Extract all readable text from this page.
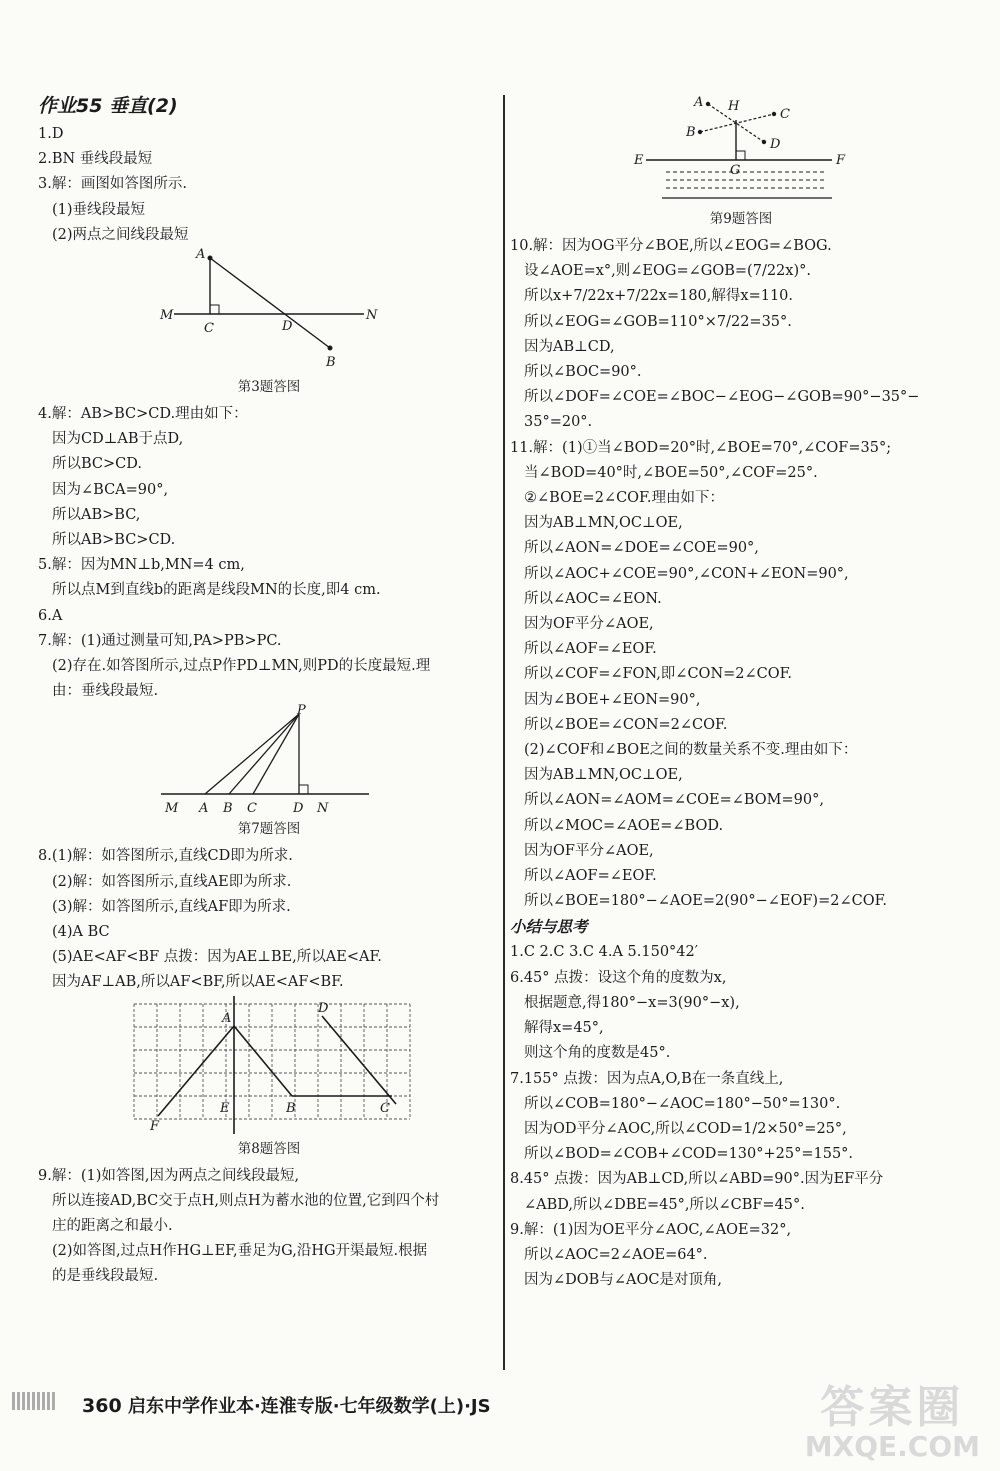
作业55 垂直(2)
1.D
2.BN 垂线段最短
3.解：画图如答图所示.
(1)垂线段最短
(2)两点之间线段最短
A
M
C	D
N
B
第3题答图
4.解：AB>BC>CD.理由如下：
因为CD⊥AB于点D,
所以BC>CD.
因为∠BCA=90°,
所以AB>BC,
所以AB>BC>CD.
5.解：因为MN⊥b,MN=4 cm,
所以点M到直线b的距离是线段MN的长度,即4 cm.
6.A
7.解：(1)通过测量可知,PA>PB>PC.
(2)存在.如答图所示,过点P作PD⊥MN,则PD的长度最短.理
由：垂线段最短.
P
M A B C	D N
第7题答图
8.(1)解：如答图所示,直线CD即为所求.
(2)解：如答图所示,直线AE即为所求.
(3)解：如答图所示,直线AF即为所求.
(4)A BC
(5)AE<AF<BF 点拨：因为AE⊥BE,所以AE<AF.
因为AF⊥AB,所以AF<BF,所以AE<AF<BF.
A
D
F
E	B	C
第8题答图
9.解：(1)如答图,因为两点之间线段最短,
所以连接AD,BC交于点H,则点H为蓄水池的位置,它到四个村
庄的距离之和最小.
(2)如答图,过点H作HG⊥EF,垂足为G,沿HG开渠最短.根据
的是垂线段最短.
A H
C
B
D
E
G
F
第9题答图
10.解：因为OG平分∠BOE,所以∠EOG=∠BOG.
设∠AOE=x°,则∠EOG=∠GOB=(7/22x)°.
所以x+7/22x+7/22x=180,解得x=110.
所以∠EOG=∠GOB=110°×7/22=35°.
因为AB⊥CD,
所以∠BOC=90°.
所以∠DOF=∠COE=∠BOC−∠EOG−∠GOB=90°−35°−
35°=20°.
11.解：(1)①当∠BOD=20°时,∠BOE=70°,∠COF=35°;
当∠BOD=40°时,∠BOE=50°,∠COF=25°.
②∠BOE=2∠COF.理由如下：
因为AB⊥MN,OC⊥OE,
所以∠AON=∠DOE=∠COE=90°,
所以∠AOC+∠COE=90°,∠CON+∠EON=90°,
所以∠AOC=∠EON.
因为OF平分∠AOE,
所以∠AOF=∠EOF.
所以∠COF=∠FON,即∠CON=2∠COF.
因为∠BOE+∠EON=90°,
所以∠BOE=∠CON=2∠COF.
(2)∠COF和∠BOE之间的数量关系不变.理由如下：
因为AB⊥MN,OC⊥OE,
所以∠AON=∠AOM=∠COE=∠BOM=90°,
所以∠MOC=∠AOE=∠BOD.
因为OF平分∠AOE,
所以∠AOF=∠EOF.
所以∠BOE=180°−∠AOE=2(90°−∠EOF)=2∠COF.
小结与思考
1.C 2.C 3.C 4.A 5.150°42′
6.45° 点拨：设这个角的度数为x,
根据题意,得180°−x=3(90°−x),
解得x=45°,
则这个角的度数是45°.
7.155° 点拨：因为点A,O,B在一条直线上,
所以∠COB=180°−∠AOC=180°−50°=130°.
因为OD平分∠AOC,所以∠COD=1/2×50°=25°,
所以∠BOD=∠COB+∠COD=130°+25°=155°.
8.45° 点拨：因为AB⊥CD,所以∠ABD=90°.因为EF平分
∠ABD,所以∠DBE=45°,所以∠CBF=45°.
9.解：(1)因为OE平分∠AOC,∠AOE=32°,
所以∠AOC=2∠AOE=64°.
因为∠DOB与∠AOC是对顶角,
360 启东中学作业本·连淮专版·七年级数学(上)·JS	答案圈
MXQE.COM
